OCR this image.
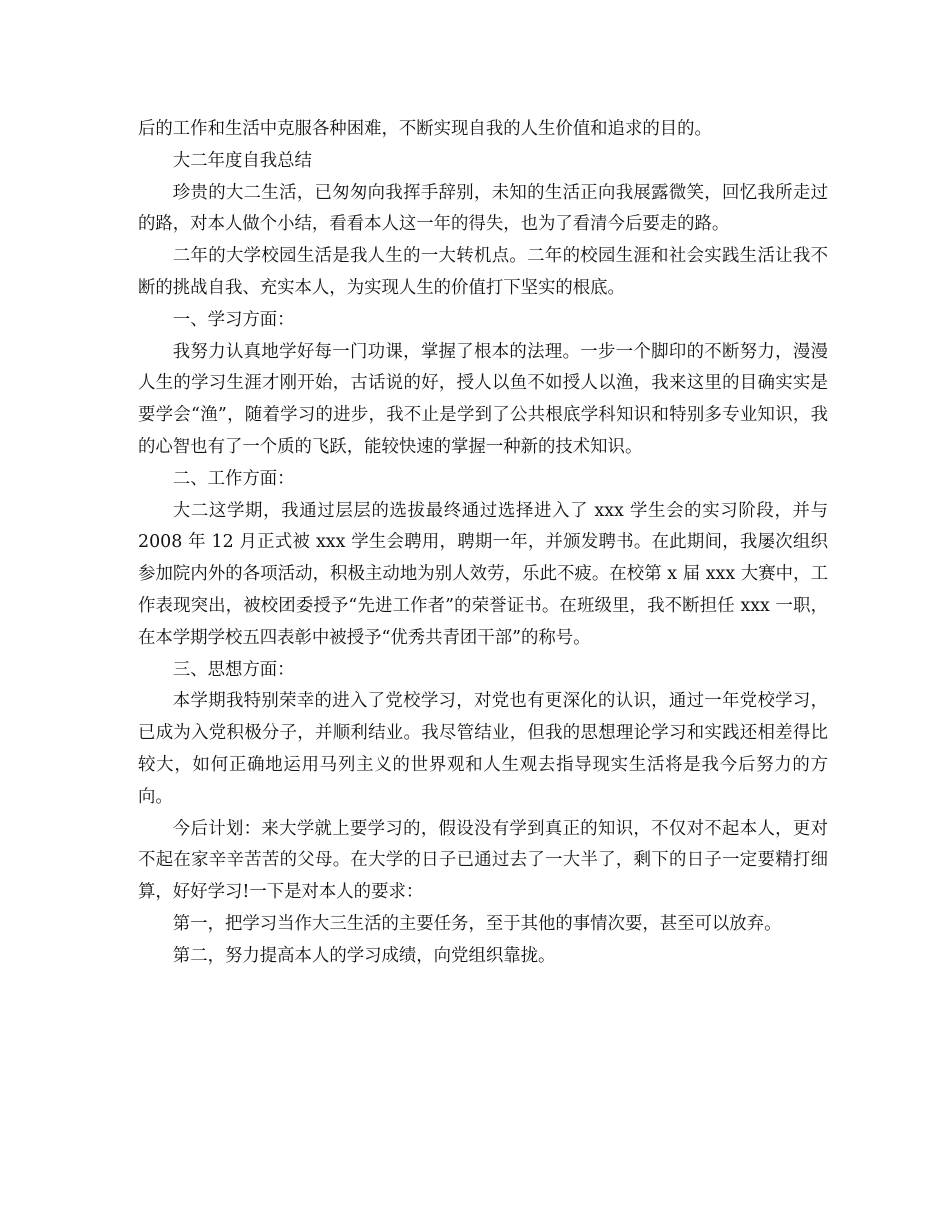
后的工作和生活中克服各种困难，不断实现自我的人生价值和追求的目的。

大二年度自我总结

珍贵的大二生活，已匆匆向我挥手辞别，未知的生活正向我展露微笑，回忆我所走过的路，对本人做个小结，看看本人这一年的得失，也为了看清今后要走的路。

二年的大学校园生活是我人生的一大转机点。二年的校园生涯和社会实践生活让我不断的挑战自我、充实本人，为实现人生的价值打下坚实的根底。

一、学习方面：

我努力认真地学好每一门功课，掌握了根本的法理。一步一个脚印的不断努力，漫漫人生的学习生涯才刚开始，古话说的好，授人以鱼不如授人以渔，我来这里的目确实实是要学会“渔”，随着学习的进步，我不止是学到了公共根底学科知识和特别多专业知识，我的心智也有了一个质的飞跃，能较快速的掌握一种新的技术知识。

二、工作方面：

大二这学期，我通过层层的选拔最终通过选择进入了 xxx 学生会的实习阶段，并与 2008 年 12 月正式被 xxx 学生会聘用，聘期一年，并颁发聘书。在此期间，我屡次组织参加院内外的各项活动，积极主动地为别人效劳，乐此不疲。在校第 x 届 xxx 大赛中，工作表现突出，被校团委授予“先进工作者”的荣誉证书。在班级里，我不断担任 xxx 一职，在本学期学校五四表彰中被授予“优秀共青团干部”的称号。

三、思想方面：

本学期我特别荣幸的进入了党校学习，对党也有更深化的认识，通过一年党校学习，已成为入党积极分子，并顺利结业。我尽管结业，但我的思想理论学习和实践还相差得比较大，如何正确地运用马列主义的世界观和人生观去指导现实生活将是我今后努力的方向。

今后计划：来大学就上要学习的，假设没有学到真正的知识，不仅对不起本人，更对不起在家辛辛苦苦的父母。在大学的日子已通过去了一大半了，剩下的日子一定要精打细算，好好学习!一下是对本人的要求：

第一，把学习当作大三生活的主要任务，至于其他的事情次要，甚至可以放弃。

第二，努力提高本人的学习成绩，向党组织靠拢。
